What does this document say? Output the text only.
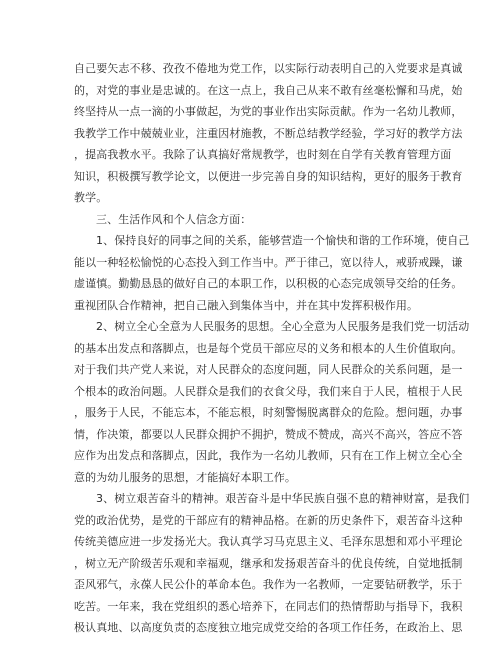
自己要矢志不移、孜孜不倦地为党工作，以实际行动表明自己的入党要求是真诚
的，对党的事业是忠诚的。在这一点上，我自己从来不敢有丝毫松懈和马虎，始
终坚持从一点一滴的小事做起，为党的事业作出实际贡献。作为一名幼儿教师，
我教学工作中兢兢业业，注重因材施教，不断总结教学经验，学习好的教学方法
，提高我教水平。我除了认真搞好常规教学，也时刻在自学有关教育管理方面
知识，积极撰写教学论文，以便进一步完善自身的知识结构，更好的服务于教育
教学。
三、生活作风和个人信念方面：
1、保持良好的同事之间的关系，能够营造一个愉快和谐的工作环境，使自己
能以一种轻松愉悦的心态投入到工作当中。严于律己，宽以待人，戒骄戒躁，谦
虚谨慎。勤勤恳恳的做好自己的本职工作，以积极的心态完成领导交给的任务。
重视团队合作精神，把自己融入到集体当中，并在其中发挥积极作用。
2、树立全心全意为人民服务的思想。全心全意为人民服务是我们党一切活动
的基本出发点和落脚点，也是每个党员干部应尽的义务和根本的人生价值取向。
对于我们共产党人来说，对人民群众的态度问题，同人民群众的关系问题，是一
个根本的政治问题。人民群众是我们的衣食父母，我们来自于人民，植根于人民
，服务于人民，不能忘本，不能忘根，时刻警惕脱离群众的危险。想问题，办事
情，作决策，都要以人民群众拥护不拥护，赞成不赞成，高兴不高兴，答应不答
应作为出发点和落脚点，因此，我作为一名幼儿教师，只有在工作上树立全心全
意的为幼儿服务的思想，才能搞好本职工作。
3、树立艰苦奋斗的精神。艰苦奋斗是中华民族自强不息的精神财富，是我们
党的政治优势，是党的干部应有的精神品格。在新的历史条件下，艰苦奋斗这种
传统美德应进一步发扬光大。我认真学习马克思主义、毛泽东思想和邓小平理论
，树立无产阶级苦乐观和幸福观，继承和发扬艰苦奋斗的优良传统，自觉地抵制
歪风邪气，永葆人民公仆的革命本色。我作为一名教师，一定要钻研教学，乐于
吃苦。一年来，我在党组织的悉心培养下，在同志们的热情帮助与指导下，我积
极认真地、以高度负责的态度独立地完成党交给的各项工作任务，在政治上、思
